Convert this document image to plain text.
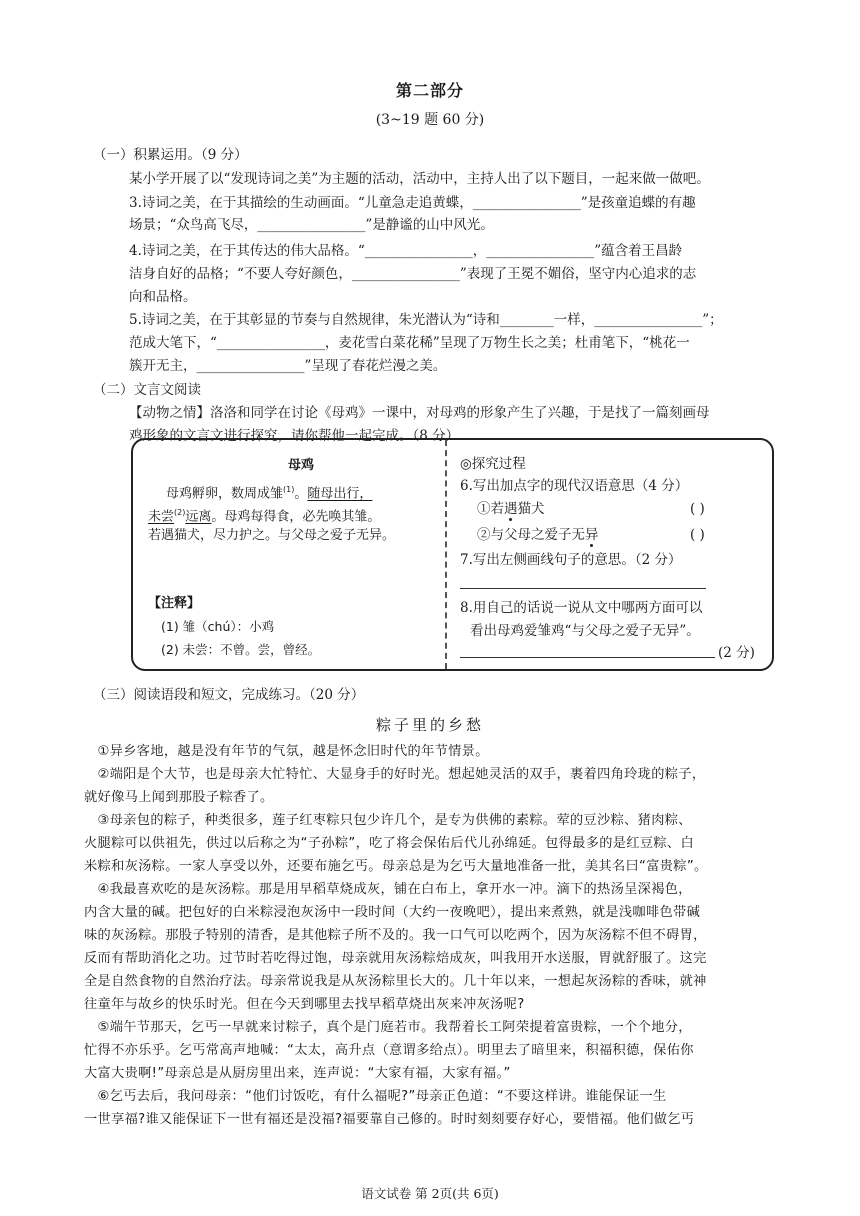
第二部分
(3~19 题 60 分)
（一）积累运用。（9 分）
某小学开展了以“发现诗词之美”为主题的活动，活动中，主持人出了以下题目，一起来做一做吧。
3.诗词之美，在于其描绘的生动画面。“儿童急走追黄蝶，________________”是孩童追蝶的有趣
场景；“众鸟高飞尽，________________”是静谧的山中风光。
4.诗词之美，在于其传达的伟大品格。“________________，________________”蕴含着王昌龄
洁身自好的品格；“不要人夸好颜色，________________”表现了王冕不媚俗，坚守内心追求的志
向和品格。
5.诗词之美，在于其彰显的节奏与自然规律，朱光潜认为“诗和________一样，________________”；
范成大笔下，“________________，麦花雪白菜花稀”呈现了万物生长之美；杜甫笔下，“桃花一
簇开无主，________________”呈现了春花烂漫之美。
（二）文言文阅读
【动物之情】洛洛和同学在讨论《母鸡》一课中，对母鸡的形象产生了兴趣，于是找了一篇刻画母
鸡形象的文言文进行探究，请你帮他一起完成。（8 分）
母鸡
母鸡孵卵，数周成雏$^{(1)}$。随母出行，
未尝$^{(2)}$远离。母鸡每得食，必先唤其雏。
若遇猫犬，尽力护之。与父母之爱子无异。
【注释】
(1) 雏（chú）：小鸡
(2) 未尝：不曾。尝，曾经。
◎探究过程
6.写出加点字的现代汉语意思（4 分）
①若遇猫犬	( )
②与父母之爱子无异	( )
7.写出左侧画线句子的意思。（2 分）
8.用自己的话说一说从文中哪两方面可以
看出母鸡爱雏鸡“与父母之爱子无异”。
(2 分)
（三）阅读语段和短文，完成练习。（20 分）
粽子里的乡愁
　①异乡客地，越是没有年节的气氛，越是怀念旧时代的年节情景。
　②端阳是个大节，也是母亲大忙特忙、大显身手的好时光。想起她灵活的双手，裹着四角玲珑的粽子，
就好像马上闻到那股子粽香了。
　③母亲包的粽子，种类很多，莲子红枣粽只包少许几个，是专为供佛的素粽。荤的豆沙粽、猪肉粽、
火腿粽可以供祖先，供过以后称之为“子孙粽”，吃了将会保佑后代儿孙绵延。包得最多的是红豆粽、白
米粽和灰汤粽。一家人享受以外，还要布施乞丐。母亲总是为乞丐大量地准备一批，美其名曰“富贵粽”。
　④我最喜欢吃的是灰汤粽。那是用早稻草烧成灰，铺在白布上，拿开水一冲。滴下的热汤呈深褐色，
内含大量的碱。把包好的白米粽浸泡灰汤中一段时间（大约一夜晚吧），提出来煮熟，就是浅咖啡色带碱
味的灰汤粽。那股子特别的清香，是其他粽子所不及的。我一口气可以吃两个，因为灰汤粽不但不碍胃，
反而有帮助消化之功。过节时若吃得过饱，母亲就用灰汤粽焙成灰，叫我用开水送服，胃就舒服了。这完
全是自然食物的自然治疗法。母亲常说我是从灰汤粽里长大的。几十年以来，一想起灰汤粽的香味，就神
往童年与故乡的快乐时光。但在今天到哪里去找早稻草烧出灰来冲灰汤呢?
　⑤端午节那天，乞丐一早就来讨粽子，真个是门庭若市。我帮着长工阿荣提着富贵粽，一个个地分，
忙得不亦乐乎。乞丐常高声地喊：“太太，高升点（意谓多给点）。明里去了暗里来，积福积德，保佑你
大富大贵啊!”母亲总是从厨房里出来，连声说：“大家有福，大家有福。”
　⑥乞丐去后，我问母亲：“他们讨饭吃，有什么福呢?”母亲正色道：“不要这样讲。谁能保证一生
一世享福?谁又能保证下一世有福还是没福?福要靠自己修的。时时刻刻要存好心，要惜福。他们做乞丐
语文试卷 第 2页(共 6页)
